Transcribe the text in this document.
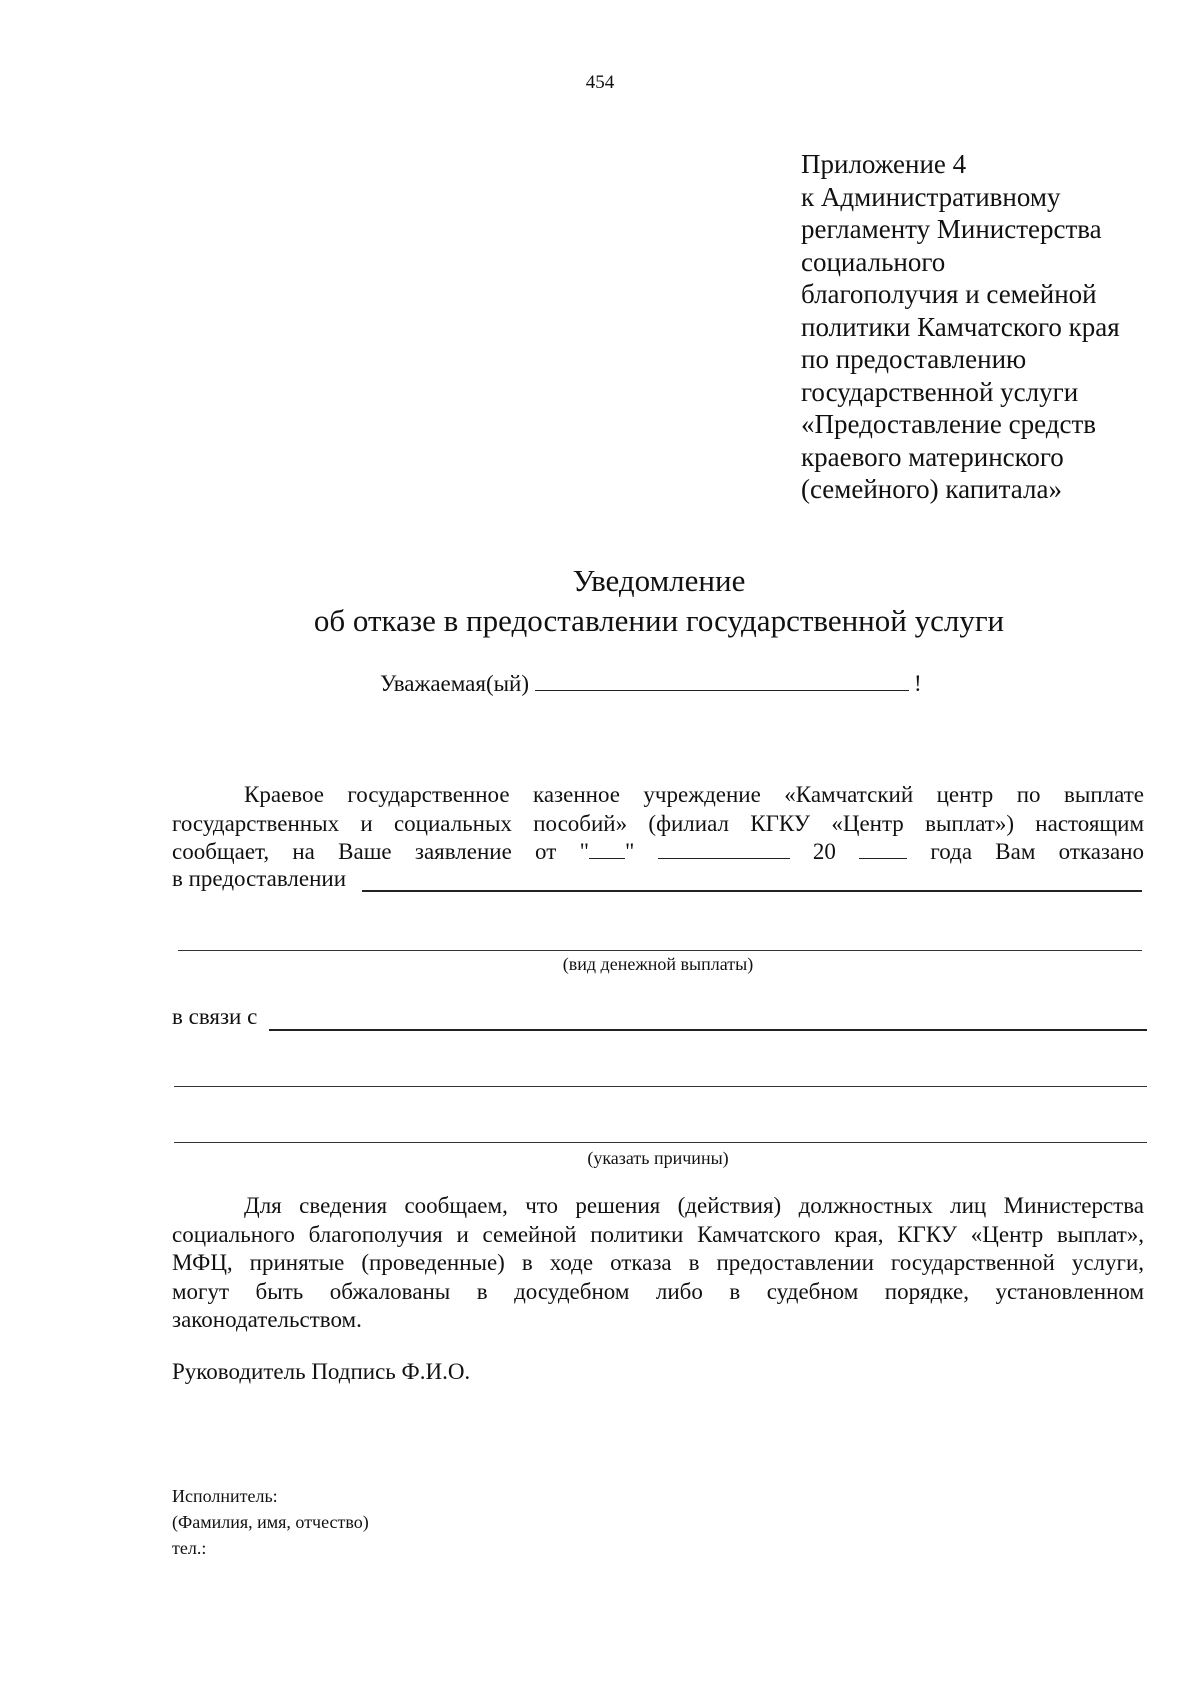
454
Приложение 4
к Административному
регламенту Министерства
социального
благополучия и семейной
политики Камчатского края
по предоставлению
государственной услуги
«Предоставление средств
краевого материнского
(семейного) капитала»
Уведомление
об отказе в предоставлении государственной услуги
Уважаемая(ый)	!
Краевое государственное казенное учреждение «Камчатский центр по выплате
государственных и социальных пособий» (филиал КГКУ «Центр выплат») настоящим
сообщает, на Ваше заявление от " "	20	года Вам отказано
в предоставлении
(вид денежной выплаты)
в связи с
(указать причины)
Для сведения сообщаем, что решения (действия) должностных лиц Министерства
социального благополучия и семейной политики Камчатского края, КГКУ «Центр выплат»,
МФЦ, принятые (проведенные) в ходе отказа в предоставлении государственной услуги,
могут быть обжалованы в досудебном либо в судебном порядке, установленном
законодательством.
Руководитель Подпись Ф.И.О.
Исполнитель:
(Фамилия, имя, отчество)
тел.:
